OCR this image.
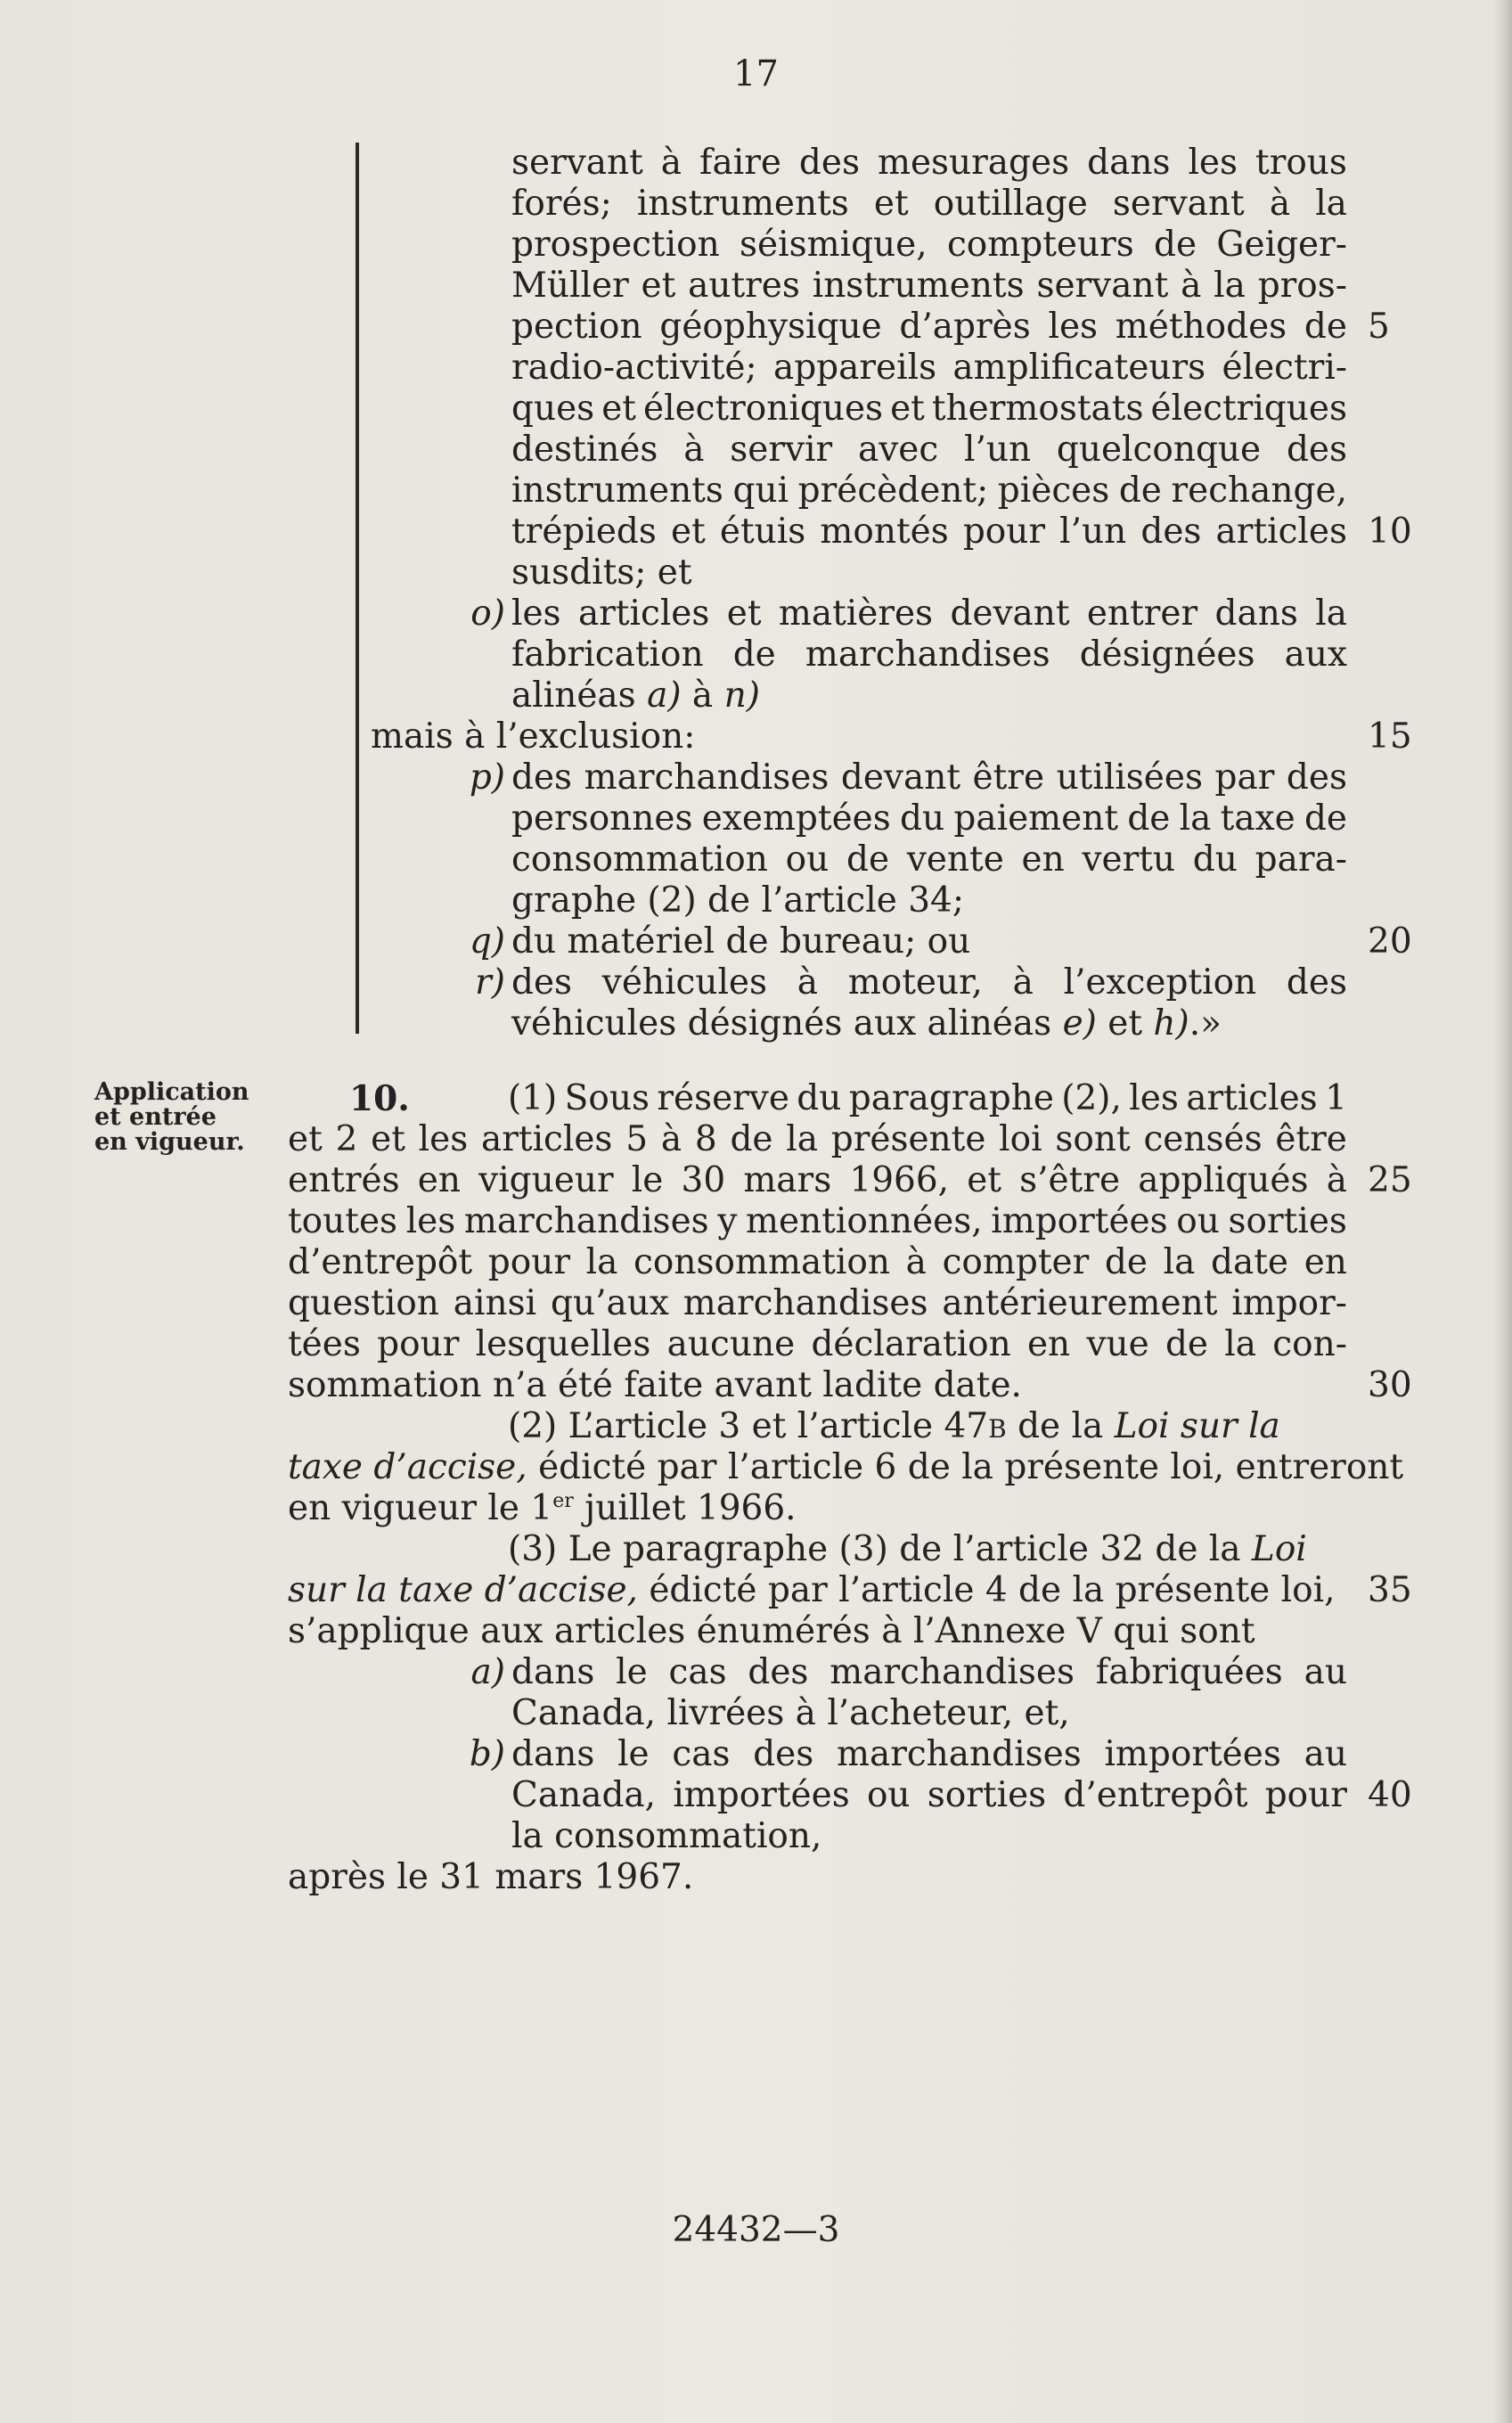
17
servant à faire des mesurages dans les trous
forés; instruments et outillage servant à la
prospection séismique, compteurs de Geiger-
Müller et autres instruments servant à la pros-
pection géophysique d’après les méthodes de
radio-activité; appareils amplificateurs électri-
ques et électroniques et thermostats électriques
destinés à servir avec l’un quelconque des
instruments qui précèdent; pièces de rechange,
trépieds et étuis montés pour l’un des articles
susdits; et
o) les articles et matières devant entrer dans la
fabrication de marchandises désignées aux
alinéas a) à n)
mais à l’exclusion:
p) des marchandises devant être utilisées par des
personnes exemptées du paiement de la taxe de
consommation ou de vente en vertu du para-
graphe (2) de l’article 34;
q) du matériel de bureau; ou
r) des véhicules à moteur, à l’exception des
véhicules désignés aux alinéas e) et h).»
Application
et entrée
en vigueur.
10.	(1) Sous réserve du paragraphe (2), les articles 1
et 2 et les articles 5 à 8 de la présente loi sont censés être
entrés en vigueur le 30 mars 1966, et s’être appliqués à
toutes les marchandises y mentionnées, importées ou sorties
d’entrepôt pour la consommation à compter de la date en
question ainsi qu’aux marchandises antérieurement impor-
tées pour lesquelles aucune déclaration en vue de la con-
sommation n’a été faite avant ladite date.
(2) L’article 3 et l’article 47B de la Loi sur la
taxe d’accise, édicté par l’article 6 de la présente loi, entreront
en vigueur le 1er juillet 1966.
(3) Le paragraphe (3) de l’article 32 de la Loi
sur la taxe d’accise, édicté par l’article 4 de la présente loi,
s’applique aux articles énumérés à l’Annexe V qui sont
a) dans le cas des marchandises fabriquées au
Canada, livrées à l’acheteur, et,
b) dans le cas des marchandises importées au
Canada, importées ou sorties d’entrepôt pour
la consommation,
après le 31 mars 1967.
5
10
15
20
25
30
35
40
24432—3
